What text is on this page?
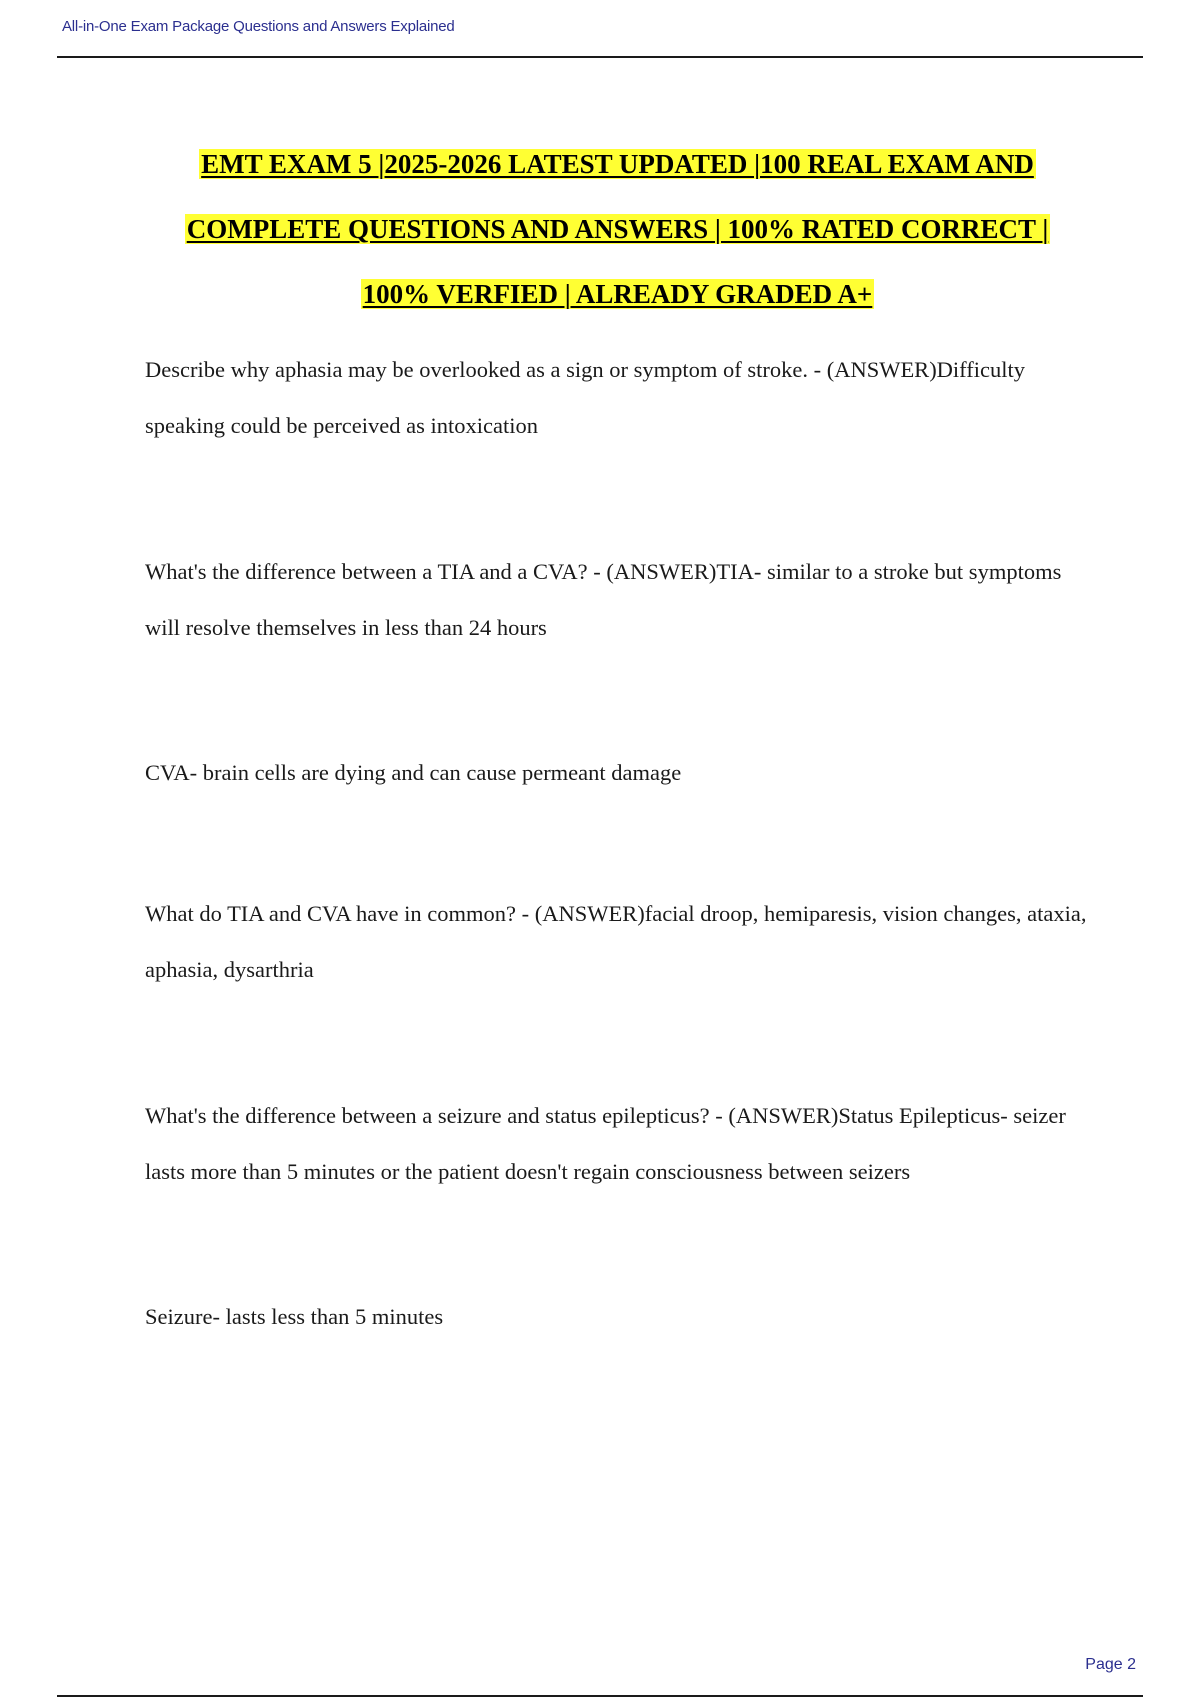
All-in-One Exam Package Questions and Answers Explained
EMT EXAM 5 |2025-2026 LATEST UPDATED |100 REAL EXAM AND
COMPLETE QUESTIONS AND ANSWERS | 100% RATED CORRECT |
100% VERFIED | ALREADY GRADED A+

Describe why aphasia may be overlooked as a sign or symptom of stroke. - (ANSWER)Difficulty speaking could be perceived as intoxication

What's the difference between a TIA and a CVA? - (ANSWER)TIA- similar to a stroke but symptoms will resolve themselves in less than 24 hours

CVA- brain cells are dying and can cause permeant damage

What do TIA and CVA have in common? - (ANSWER)facial droop, hemiparesis, vision changes, ataxia, aphasia, dysarthria

What's the difference between a seizure and status epilepticus? - (ANSWER)Status Epilepticus- seizer lasts more than 5 minutes or the patient doesn't regain consciousness between seizers

Seizure- lasts less than 5 minutes

Page 2
